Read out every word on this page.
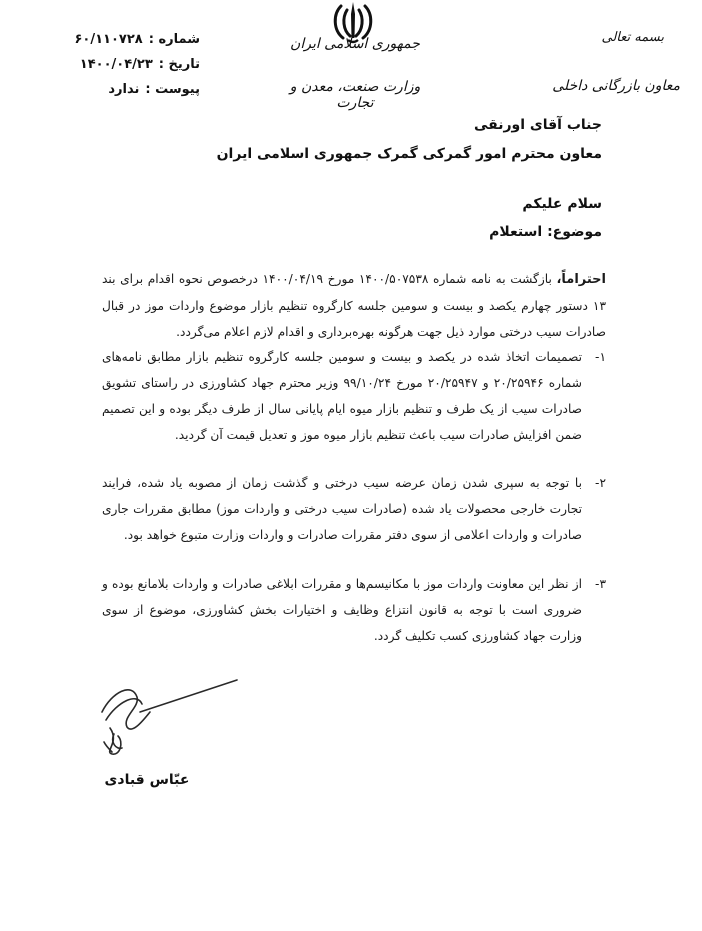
جمهوری اسلامی ایران
وزارت صنعت، معدن و تجارت
بسمه تعالی
معاون بازرگانی داخلی
شماره :۶۰/۱۱۰۷۲۸
تاریخ :۱۴۰۰/۰۴/۲۳
پیوست :ندارد
جناب آقای اورنقی
معاون محترم امور گمرکی گمرک جمهوری اسلامی ایران
سلام علیکم
موضوع: استعلام
احتراماً، بازگشت به نامه شماره ۱۴۰۰/۵۰۷۵۳۸ مورخ ۱۴۰۰/۰۴/۱۹ درخصوص نحوه اقدام برای بند ۱۳ دستور چهارم یکصد و بیست و سومین جلسه کارگروه تنظیم بازار موضوع واردات موز در قبال صادرات سیب درختی موارد ذیل جهت هرگونه بهره‌برداری و اقدام لازم اعلام می‌گردد.
۱-
تصمیمات اتخاذ شده در یکصد و بیست و سومین جلسه کارگروه تنظیم بازار مطابق نامه‌های شماره ۲۰/۲۵۹۴۶ و ۲۰/۲۵۹۴۷ مورخ ۹۹/۱۰/۲۴ وزیر محترم جهاد کشاورزی در راستای تشویق صادرات سیب از یک طرف و تنظیم بازار میوه ایام پایانی سال از طرف دیگر بوده و این تصمیم ضمن افزایش صادرات سیب باعث تنظیم بازار میوه موز و تعدیل قیمت آن گردید.
۲-
با توجه به سپری شدن زمان عرضه سیب درختی و گذشت زمان از مصوبه یاد شده، فرایند تجارت خارجی محصولات یاد شده (صادرات سیب درختی و واردات موز) مطابق مقررات جاری صادرات و واردات اعلامی از سوی دفتر مقررات صادرات و واردات وزارت متبوع خواهد بود.
۳-
از نظر این معاونت واردات موز با مکانیسم‌ها و مقررات ابلاغی صادرات و واردات بلامانع بوده و ضروری است با توجه به قانون انتزاع وظایف و اختیارات بخش کشاورزی، موضوع از سوی وزارت جهاد کشاورزی کسب تکلیف گردد.
عبّاس قبادی
